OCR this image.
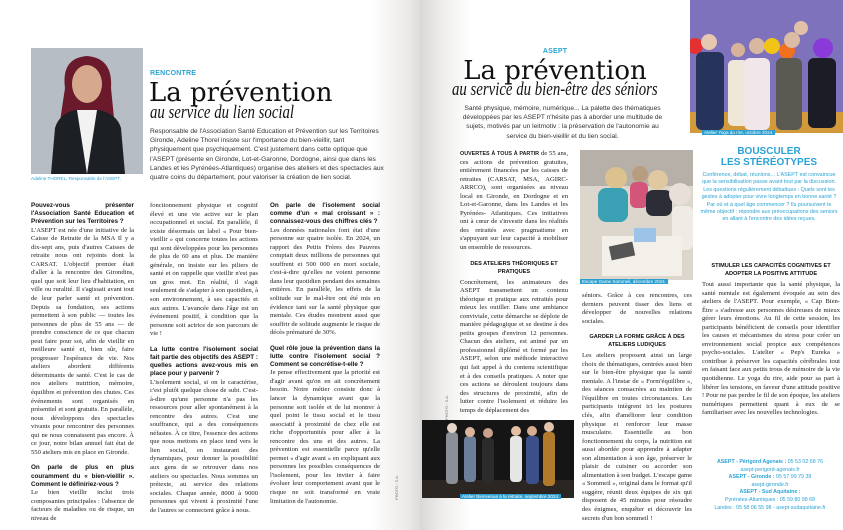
Adeline THOREL, Responsable de l'ASEPT.
RENCONTRE
La prévention
au service du lien social
Responsable de l'Association Santé Education et Prévention sur les Territoires Gironde, Adeline Thorel insiste sur l'importance du bien-vieillir, tant physiquement que psychiquement. C'est justement dans cette optique que l'ASEPT (présente en Gironde, Lot-et-Garonne, Dordogne, ainsi que dans les Landes et les Pyrénées-Atlantiques) organise des ateliers et des spectacles aux quatre coins du département, pour valoriser la création de lien social.

Pouvez-vous présenter l'Association Santé Education et Prévention sur les Territoires ?

L'ASEPT est née d'une initiative de la Caisse de Retraite de la MSA Il y a dix-sept ans, puis d'autres Caisses de retraite nous ont rejoints dont la CARSAT. L'objectif premier était d'aller à la rencontre des Girondins, quel que soit leur lieu d'habitation, en ville ou ruralité. Il s'agissait avant tout de leur parler santé et prévention. Depuis sa fondation, ses actions permettent à son public — toutes les personnes de plus de 55 ans — de prendre conscience de ce que chacun peut faire pour soi, afin de vieillir en meilleure santé et, bien sûr, faire progresser l'espérance de vie. Nos ateliers abordent différents déterminants de santé. C'est le cas de nos ateliers nutrition, mémoire, équilibre et prévention des chutes. Ces événements sont organisés en présentiel et sont gratuits. En parallèle, nous développons des spectacles vivants pour rencontrer des personnes qui ne nous connaissent pas encore. À ce jour, notre bilan annuel fait état de 550 ateliers mis en place en Gironde.

On parle de plus en plus couramment du « bien-vieillir ». Comment le définiriez-vous ?

Le bien vieillir inclut trois composantes principales : l'absence de facteurs de maladies ou de risque, un niveau de

fonctionnement physique et cognitif élevé et une vie active sur le plan occupationnel et social. En parallèle, il existe désormais un label « Pour bien-vieillir » qui concerne toutes les actions qui sont développées pour les personnes de plus de 60 ans et plus. De manière générale, on insiste sur les piliers de santé et on rappelle que vieillir n'est pas un gros mot. En réalité, il s'agit seulement de s'adapter à son quotidien, à son environnement, à ses capacités et aux autres. L'avancée dans l'âge est un événement positif, à condition que la personne soit actrice de son parcours de vie !

La lutte contre l'isolement social fait partie des objectifs des ASEPT : quelles actions avez-vous mis en place pour y parvenir ?

L'isolement social, si on le caractérise, c'est plutôt quelque chose de subi. C'est-à-dire qu'une personne n'a pas les ressources pour aller spontanément à la rencontre des autres. C'est une souffrance, qui a des conséquences néfastes. À ce titre, l'essence des actions que nous mettons en place tend vers le lien social, en instaurant des dynamiques, pour donner la possibilité aux gens de se retrouver dans nos ateliers ou spectacles. Nous sommes un prétexte, au service des relations sociales. Chaque année, 8000 à 9000 personnes qui vivent à proximité l'une de l'autres se connectent grâce à nous.

On parle de l'isolement social comme d'un « mal croissant » : connaissez-vous des chiffres clés ?

Les données nationales font état d'une personne sur quatre isolée. En 2024, un rapport des Petits Frères des Pauvres comptait deux millions de personnes qui souffrent et 500 000 en mort sociale, c'est-à-dire qu'elles ne voient personne dans leur quotidien pendant des semaines entières. En parallèle, les effets de la solitude sur le mal-être ont été mis en évidence tant sur la santé physique que mentale. Ces études montrent aussi que souffrir de solitude augmente le risque de décès prématuré de 30%.

Quel rôle joue la prévention dans la lutte contre l'isolement social ? Comment se concrétise-t-elle ?

Je pense effectivement que la priorité est d'agir avant qu'on en ait concrètement besoin. Notre métier consiste donc à lancer la dynamique avant que la personne soit isolée et de lui montrer à quel point le tissu social et le tissu associatif à proximité de chez elle est riche d'opportunités pour aller à la rencontre des uns et des autres. La prévention est essentielle parce qu'elle permet « d'agir avant » en expliquant aux personnes les possibles conséquences de l'isolement, pour les inviter à faire évoluer leur comportement avant que le risque ne soit transformé en vraie limitation de l'autonomie.

PHOTO : S.A.
ASEPT
La prévention
au service du bien-être des séniors
Santé physique, mémoire, numérique... La palette des thématiques développées par les ASEPT n'hésite pas à aborder une multitude de sujets, motivés par un leitmotiv : la préservation de l'autonomie au service du bien-vieillir et du lien social.

OUVERTES À TOUS À PARTIR de 55 ans, ces actions de prévention gratuites, entièrement financées par les caisses de retraites (CARSAT, MSA, AGIRC-ARRCO), sont organisées au niveau local en Gironde, en Dordogne et en Lot-et-Garonne, dans les Landes et les Pyrénées- Atlantiques. Ces initiatives ont à cœur de s'investir dans les réalités des retraités avec pragmatisme en s'appuyant sur leur capacité à mobiliser un ensemble de ressources.

DES ATELIERS THÉORIQUES ET PRATIQUES

Concrètement, les animateurs des ASEPT transmettent un contenu théorique et pratique aux retraités pour mieux les outiller. Dans une ambiance conviviale, cette démarche se déploie de manière pédagogique et se destine à des petits groupes d'environ 12 personnes. Chacun des ateliers, est animé par un professionnel diplômé et formé par les ASEPT, selon une méthode interactive qui fait appel à du contenu scientifique et à des conseils pratiques. A noter que ces actions se déroulent toujours dans des structures de proximité, afin de lutter contre l'isolement et réduire les temps de déplacement des

PHOTO : S.A.
Atelier Bienvenue à la retraite, septembre 2024.
Escape Game Sommeil, décembre 2024.

séniors. Grâce à ces rencontres, ces derniers peuvent tisser des liens et développer de nouvelles relations sociales.

GARDER LA FORME GRÂCE À DES ATELIERS LUDIQUES

Les ateliers proposent ainsi un large choix de thématiques, centrées aussi bien sur le bien-être physique que la santé mentale. A l'instar de « Form'équilibre », des séances consacrées au maintien de l'équilibre en toutes circonstances. Les participants intègrent ici les postures clés, afin d'améliorer leur condition physique et renforcer leur masse musculaire. Essentielle au bon fonctionnement du corps, la nutrition est aussi abordée pour apprendre à adapter son alimentation à son âge, préserver le plaisir de cuisiner ou accorder son alimentation à son budget. L'escape game « Sommeil », original dans le format qu'il suggère, réunit deux équipes de six qui disposent de 45 minutes pour résoudre des énigmes, enquêter et découvrir les secrets d'un bon sommeil !

Atelier Yoga du rire, octobre 2024.
BOUSCULER
LES STÉRÉOTYPES
Conférence, débat, réunions... L'ASEPT est convaincue que la sensibilisation passe avant tout par la discussion. Les questions régulièrement débattues : Quels sont les gestes à adopter pour vivre longtemps en bonne santé ? Par où et à quel âge commencer ? Ils poursuivent le même objectif : répondre aux préoccupations des seniors en allant à l'encontre des idées reçues.
STIMULER LES CAPACITÉS COGNITIVES ET ADOPTER LA POSITIVE ATTITUDE

Tout aussi importante que la santé physique, la santé mentale est également évoquée au sein des ateliers de l'ASEPT. Pour exemple, « Cap Bien- Être » s'adresse aux personnes désireuses de mieux gérer leurs émotions. Au fil de cette session, les participants bénéficient de conseils pour identifier les causes et mécanismes du stress pour créer un environnement social propice aux compétences psycho-sociales. L'atelier « Pep's Eureka » contribue à préserver les capacités cérébrales tout en faisant face aux petits trous de mémoire de la vie quotidienne. Le yoga du rire, aide pour sa part à libérer les tensions, en faveur d'une attitude positive ! Pour ne pas perdre le fil de son époque, les ateliers numériques permettent quant à eux de se familiariser avec les nouvelles technologies.

ASEPT - Périgord Agenais : 05 53 02 68 76
asept-perigord-agenais.fr
ASEPT - Gironde : 05 57 99 79 39
asept-gironde.fr
ASEPT - Sud Aquitaine :
Pyrénées-Atlantiques : 05 59 80 98 68
Landes : 05 58 06 55 98 - asept-sudaquitaine.fr
